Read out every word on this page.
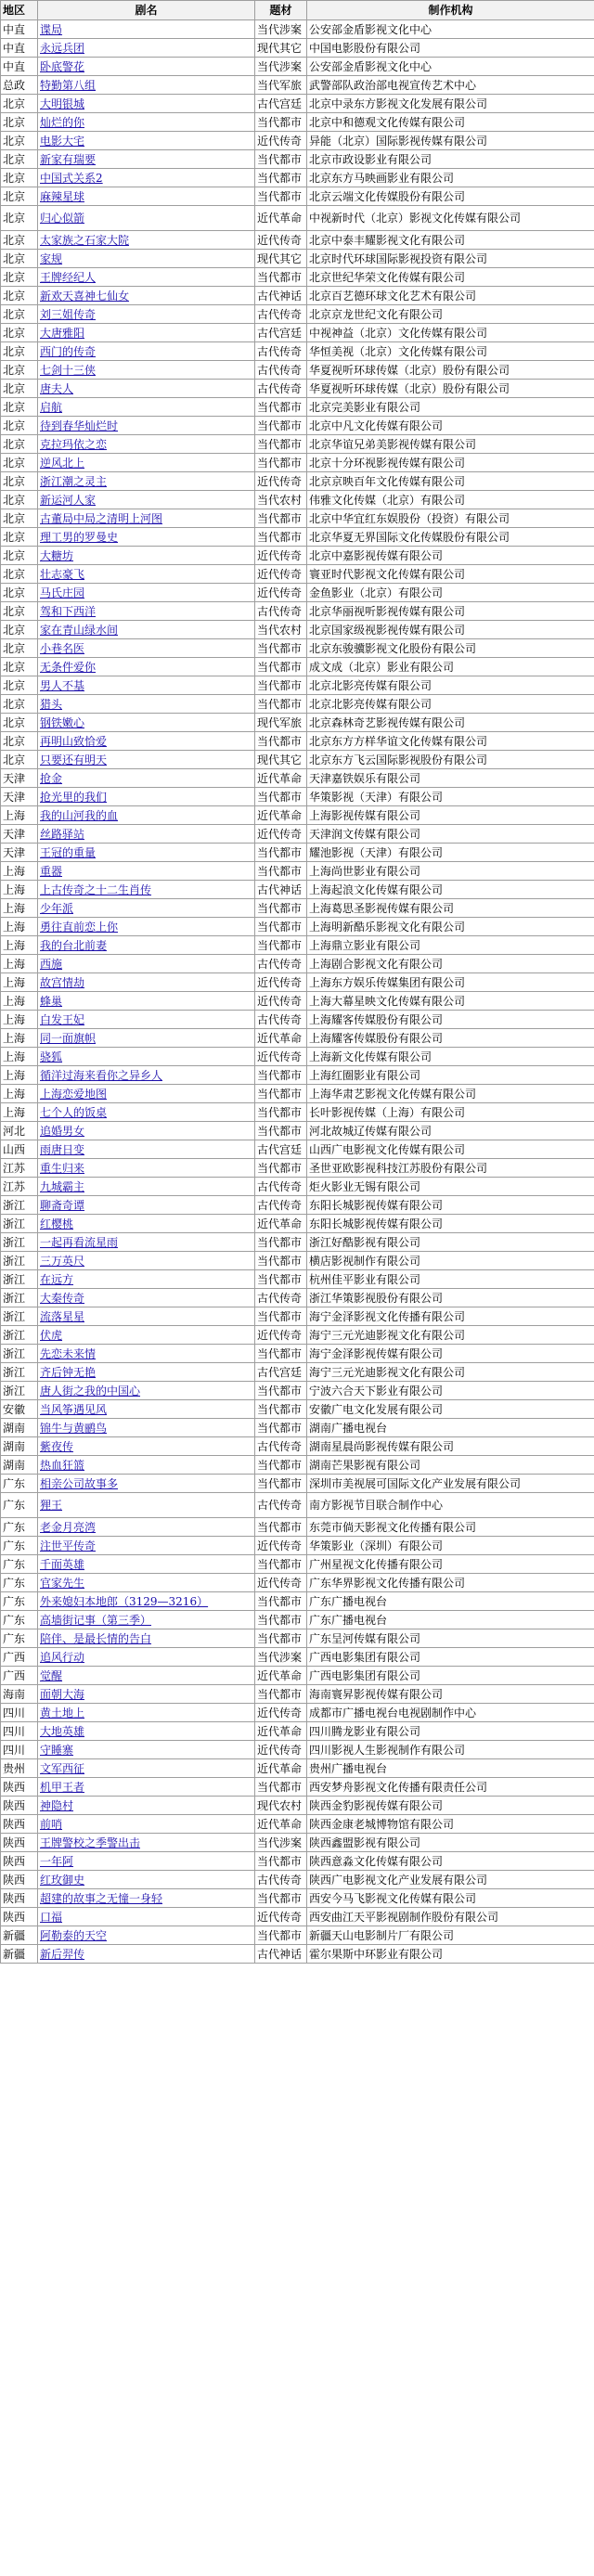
地区	剧名	题材	制作机构
中直	谍局	当代涉案	公安部金盾影视文化中心
中直	永远兵团	现代其它	中国电影股份有限公司
中直	卧底警花	当代涉案	公安部金盾影视文化中心
总政	特勤第八组	当代军旅	武警部队政治部电视宣传艺术中心
北京	大明银城	古代宫廷	北京中录东方影视文化发展有限公司
北京	灿烂的你	当代都市	北京中和德观文化传媒有限公司
北京	电影大宅	近代传奇	异能（北京）国际影视传媒有限公司
北京	新家有瑞要	当代都市	北京市政设影业有限公司
北京	中国式关系2	当代都市	北京东方马映画影业有限公司
北京	麻辣星球	当代都市	北京云端文化传媒股份有限公司
北京	归心似箭	近代革命	中视新时代（北京）影视文化传媒有限公司
北京	太家族之石家大院	近代传奇	北京中泰丰耀影视文化有限公司
北京	家规	现代其它	北京时代环球国际影视投资有限公司
北京	王牌经纪人	当代都市	北京世纪华荣文化传媒有限公司
北京	新欢天喜神七仙女	古代神话	北京百艺德环球文化艺术有限公司
北京	刘三姐传奇	古代传奇	北京京龙世纪文化有限公司
北京	大唐雅阳	古代宫廷	中视神益（北京）文化传媒有限公司
北京	西门的传奇	古代传奇	华恒美视（北京）文化传媒有限公司
北京	七剑十三侠	古代传奇	华夏视听环球传媒（北京）股份有限公司
北京	唐夫人	古代传奇	华夏视听环球传媒（北京）股份有限公司
北京	启航	当代都市	北京完美影业有限公司
北京	待到春华灿烂时	当代都市	北京中凡文化传媒有限公司
北京	克拉玛依之恋	当代都市	北京华谊兄弟美影视传媒有限公司
北京	逆风北上	当代都市	北京十分环视影视传媒有限公司
北京	浙江潮之灵主	近代传奇	北京京映百年文化传媒有限公司
北京	新运河人家	当代农村	伟雅文化传媒（北京）有限公司
北京	古董局中局之清明上河图	当代都市	北京中华宜红东娱股份（投资）有限公司
北京	理工男的罗曼史	当代都市	北京华夏无界国际文化传媒股份有限公司
北京	大糖坊	近代传奇	北京中嘉影视传媒有限公司
北京	壮志豪飞	近代传奇	寰亚时代影视文化传媒有限公司
北京	马氏庄园	近代传奇	金鱼影业（北京）有限公司
北京	驾和下西洋	古代传奇	北京华丽视听影视传媒有限公司
北京	家在青山绿水间	当代农村	北京国家级视影视传媒有限公司
北京	小巷名医	当代都市	北京东骏骥影视文化股份有限公司
北京	无条件爱你	当代都市	成文成（北京）影业有限公司
北京	男人不基	当代都市	北京北影亮传媒有限公司
北京	猎头	当代都市	北京北影亮传媒有限公司
北京	钢铁嫩心	现代军旅	北京森林奇艺影视传媒有限公司
北京	再明山致恰爱	当代都市	北京东方方样华谊文化传媒有限公司
北京	只要还有明天	现代其它	北京东方飞云国际影视股份有限公司
天津	抢金	近代革命	天津嘉铁娱乐有限公司
天津	抢光里的我们	当代都市	华策影视（天津）有限公司
上海	我的山河我的血	近代革命	上海影视传媒有限公司
天津	丝路驿站	近代传奇	天津润文传媒有限公司
天津	王冠的重量	当代都市	耀池影视（天津）有限公司
上海	重器	当代都市	上海尚世影业有限公司
上海	上古传奇之十二生肖传	古代神话	上海起浪文化传媒有限公司
上海	少年派	当代都市	上海葛思圣影视传媒有限公司
上海	勇往直前恋上你	当代都市	上海明新酷乐影视文化有限公司
上海	我的台北前妻	当代都市	上海鼎立影业有限公司
上海	西施	古代传奇	上海剧合影视文化有限公司
上海	故宫情劫	近代传奇	上海东方娱乐传媒集团有限公司
上海	蜂巢	近代传奇	上海大幕星映文化传媒有限公司
上海	白发王妃	古代传奇	上海耀客传媒股份有限公司
上海	同一面旗帜	近代革命	上海耀客传媒股份有限公司
上海	骁狐	近代传奇	上海新文化传媒有限公司
上海	循洋过海来看你之异乡人	当代都市	上海红圈影业有限公司
上海	上海恋爱地图	当代都市	上海华肃艺影视文化传媒有限公司
上海	七个人的饭桌	当代都市	长叶影视传媒（上海）有限公司
河北	追婚男女	当代都市	河北故城辽传媒有限公司
山西	雨唐日变	古代宫廷	山西广电影视文化传媒有限公司
江苏	重生归来	当代都市	圣世亚欧影视科技江苏股份有限公司
江苏	九城霸主	古代传奇	炬火影业无锡有限公司
浙江	聊斋奇谭	古代传奇	东阳长城影视传媒有限公司
浙江	红樱桃	近代革命	东阳长城影视传媒有限公司
浙江	一起再看流星雨	当代都市	浙江好酷影视有限公司
浙江	三万英尺	当代都市	横店影视制作有限公司
浙江	在远方	当代都市	杭州佳平影业有限公司
浙江	大秦传奇	古代传奇	浙江华策影视股份有限公司
浙江	流落星星	当代都市	海宁金泽影视文化传播有限公司
浙江	伏虎	近代传奇	海宁三元光迪影视文化有限公司
浙江	先恋未来情	当代都市	海宁金泽影视传媒有限公司
浙江	齐后钟无艳	古代宫廷	海宁三元光迪影视文化有限公司
浙江	唐人街之我的中国心	当代都市	宁波六合天下影业有限公司
安徽	当风筝遇见风	当代都市	安徽广电文化发展有限公司
湖南	锦牛与黄鹂鸟	当代都市	湖南广播电视台
湖南	紫夜传	古代传奇	湖南星晨尚影视传媒有限公司
湖南	热血狂篮	当代都市	湖南芒果影视有限公司
广东	相亲公司故事多	当代都市	深圳市美视展可国际文化产业发展有限公司
广东	狸王	古代传奇	南方影视节目联合制作中心
广东	老金月亮湾	当代都市	东莞市倘天影视文化传播有限公司
广东	注世平传奇	近代传奇	华策影业（深圳）有限公司
广东	千面英雄	当代都市	广州星视文化传播有限公司
广东	官家先生	近代传奇	广东华界影视文化传播有限公司
广东	外来媳妇本地郎（3129—3216）	当代都市	广东广播电视台
广东	高墙街记事（第三季）	当代都市	广东广播电视台
广东	陪伴、是最长情的告白	当代都市	广东呈河传媒有限公司
广西	追风行动	当代涉案	广西电影集团有限公司
广西	觉醒	近代革命	广西电影集团有限公司
海南	面朝大海	当代都市	海南寰昇影视传媒有限公司
四川	黄土地上	近代传奇	成都市广播电视台电视剧制作中心
四川	大地英雄	近代革命	四川腾龙影业有限公司
四川	守睡寨	近代传奇	四川影视人生影视制作有限公司
贵州	文军西征	近代革命	贵州广播电视台
陕西	机甲王者	当代都市	西安梦舟影视文化传播有限责任公司
陕西	神隐村	现代农村	陕西金豹影视传媒有限公司
陕西	前哨	近代革命	陕西金康老城博物馆有限公司
陕西	王牌警校之季警出击	当代涉案	陕西鑫盟影视有限公司
陕西	一年阿	当代都市	陕西意淼文化传媒有限公司
陕西	红玫御史	古代传奇	陕西广电影视文化产业发展有限公司
陕西	超建的故事之无憧一身轻	当代都市	西安今马飞影视文化传媒有限公司
陕西	口福	近代传奇	西安曲江天平影视剧制作股份有限公司
新疆	阿勒泰的天空	当代都市	新疆天山电影制片厂有限公司
新疆	新后羿传	古代神话	霍尔果斯中环影业有限公司
